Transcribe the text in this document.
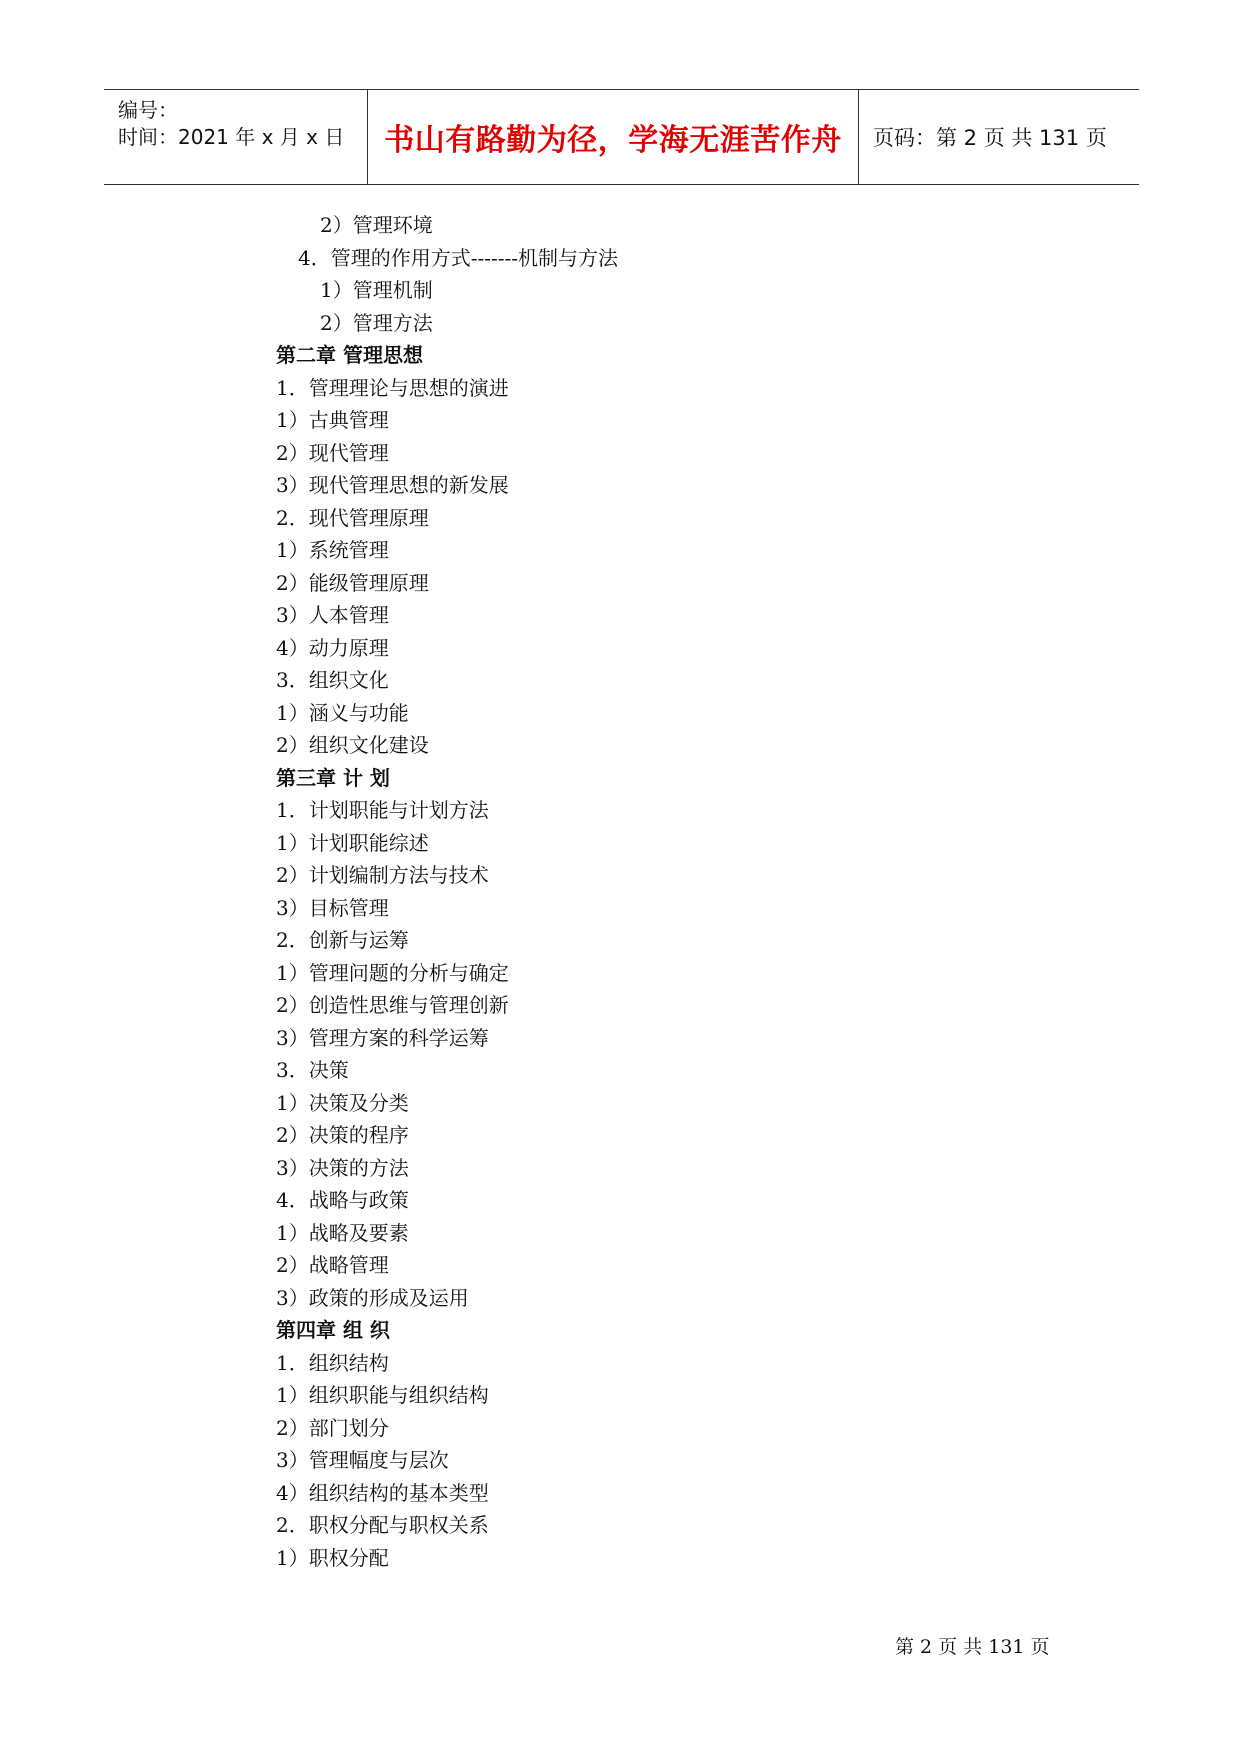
编号：
时间：2021 年 x 月 x 日 书山有路勤为径，学海无涯苦作舟 页码：第 2 页 共 131 页
2）管理环境
4．管理的作用方式-------机制与方法
1）管理机制
2）管理方法
第二章 管理思想
1．管理理论与思想的演进
1）古典管理
2）现代管理
3）现代管理思想的新发展
2．现代管理原理
1）系统管理
2）能级管理原理
3）人本管理
4）动力原理
3．组织文化
1）涵义与功能
2）组织文化建设
第三章 计 划
1．计划职能与计划方法
1）计划职能综述
2）计划编制方法与技术
3）目标管理
2．创新与运筹
1）管理问题的分析与确定
2）创造性思维与管理创新
3）管理方案的科学运筹
3．决策
1）决策及分类
2）决策的程序
3）决策的方法
4．战略与政策
1）战略及要素
2）战略管理
3）政策的形成及运用
第四章 组 织
1．组织结构
1）组织职能与组织结构
2）部门划分
3）管理幅度与层次
4）组织结构的基本类型
2．职权分配与职权关系
1）职权分配
第 2 页 共 131 页
